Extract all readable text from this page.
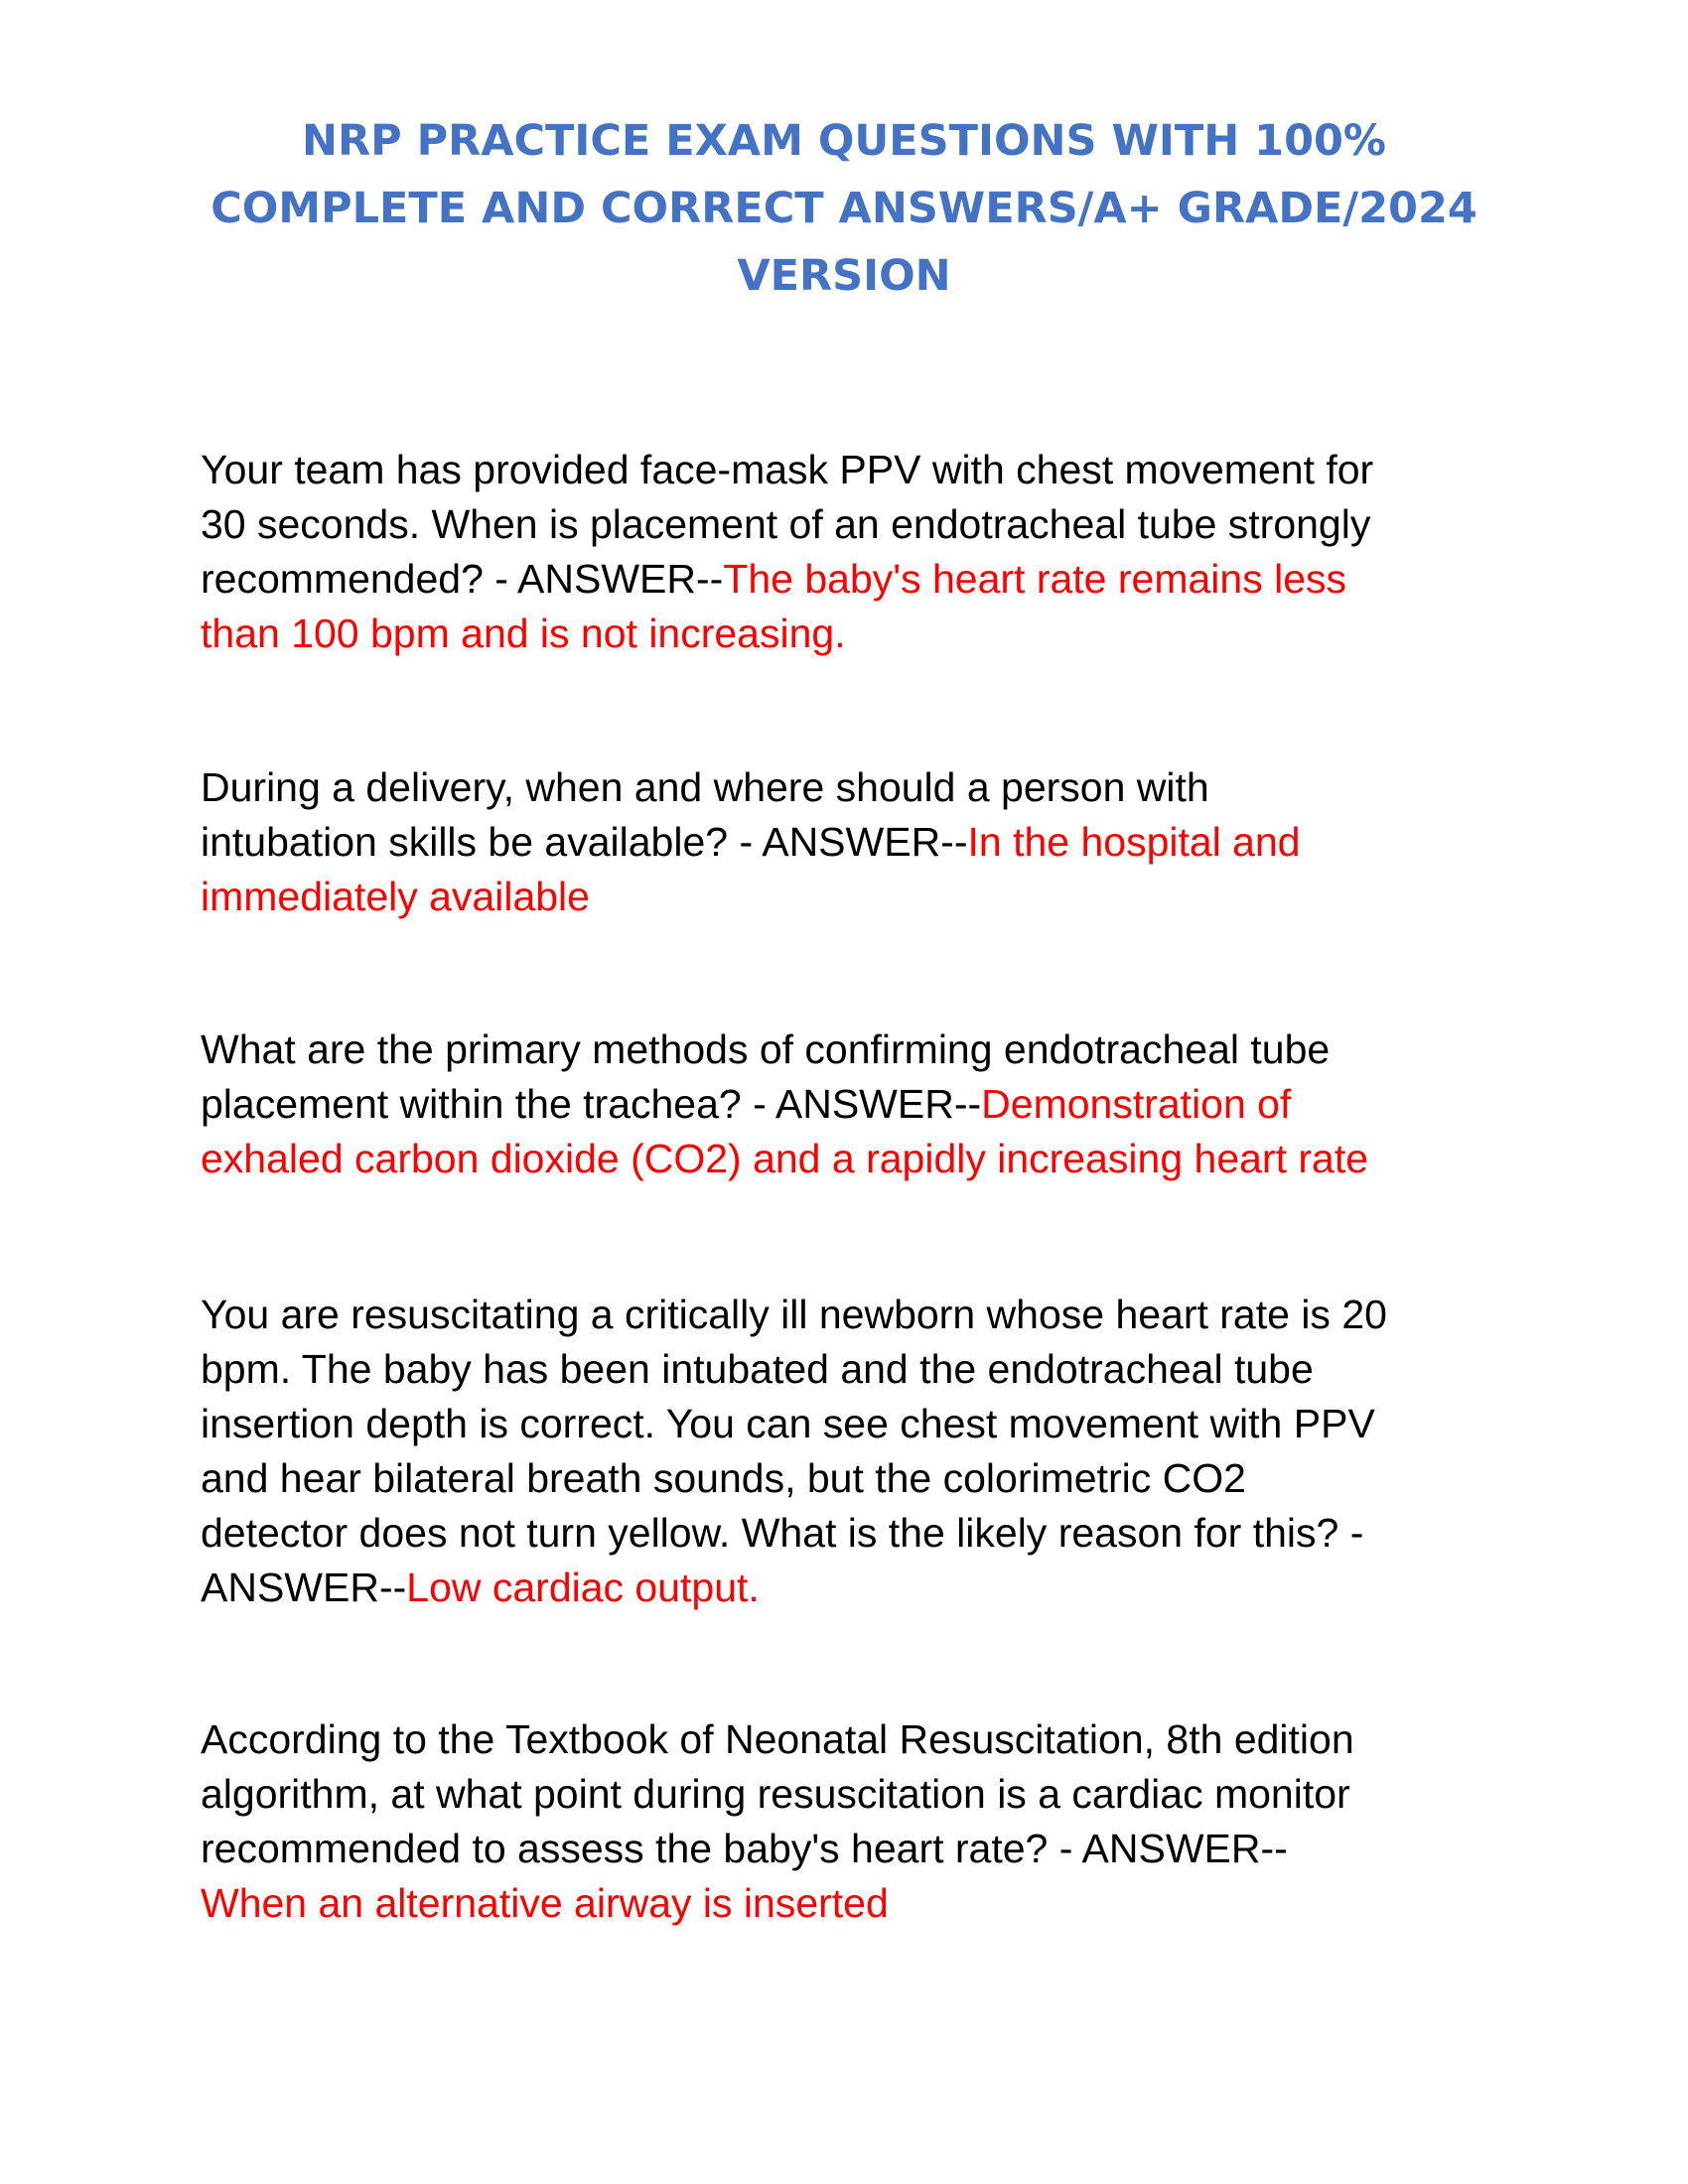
NRP PRACTICE EXAM QUESTIONS WITH 100%
COMPLETE AND CORRECT ANSWERS/A+ GRADE/2024
VERSION

Your team has provided face-mask PPV with chest movement for
30 seconds. When is placement of an endotracheal tube strongly
recommended? - ANSWER--The baby's heart rate remains less
than 100 bpm and is not increasing.

During a delivery, when and where should a person with
intubation skills be available? - ANSWER--In the hospital and
immediately available

What are the primary methods of confirming endotracheal tube
placement within the trachea? - ANSWER--Demonstration of
exhaled carbon dioxide (CO2) and a rapidly increasing heart rate

You are resuscitating a critically ill newborn whose heart rate is 20
bpm. The baby has been intubated and the endotracheal tube
insertion depth is correct. You can see chest movement with PPV
and hear bilateral breath sounds, but the colorimetric CO2
detector does not turn yellow. What is the likely reason for this? -
ANSWER--Low cardiac output.

According to the Textbook of Neonatal Resuscitation, 8th edition
algorithm, at what point during resuscitation is a cardiac monitor
recommended to assess the baby's heart rate? - ANSWER--
When an alternative airway is inserted
